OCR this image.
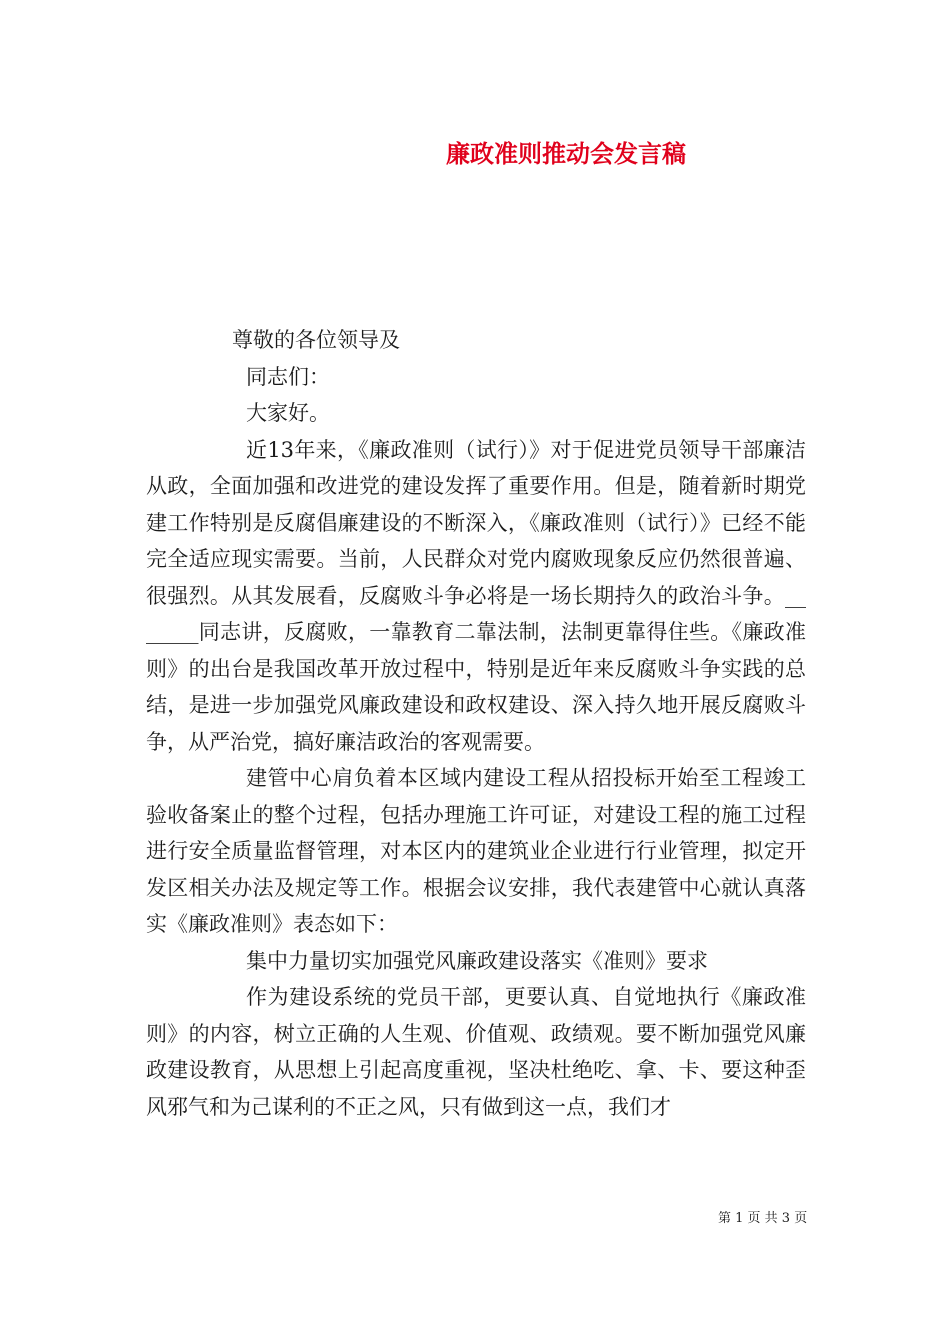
廉政准则推动会发言稿

尊敬的各位领导及

同志们：

大家好。

近13年来，《廉政准则（试行）》对于促进党员领导干部廉洁从政，全面加强和改进党的建设发挥了重要作用。但是，随着新时期党建工作特别是反腐倡廉建设的不断深入，《廉政准则（试行）》已经不能完全适应现实需要。当前，人民群众对党内腐败现象反应仍然很普遍、很强烈。从其发展看，反腐败斗争必将是一场长期持久的政治斗争。_______同志讲，反腐败，一靠教育二靠法制，法制更靠得住些。《廉政准则》的出台是我国改革开放过程中，特别是近年来反腐败斗争实践的总结，是进一步加强党风廉政建设和政权建设、深入持久地开展反腐败斗争，从严治党，搞好廉洁政治的客观需要。

建管中心肩负着本区域内建设工程从招投标开始至工程竣工验收备案止的整个过程，包括办理施工许可证，对建设工程的施工过程进行安全质量监督管理，对本区内的建筑业企业进行行业管理，拟定开发区相关办法及规定等工作。根据会议安排，我代表建管中心就认真落实《廉政准则》表态如下：

集中力量切实加强党风廉政建设落实《准则》要求

作为建设系统的党员干部，更要认真、自觉地执行《廉政准则》的内容，树立正确的人生观、价值观、政绩观。要不断加强党风廉政建设教育，从思想上引起高度重视，坚决杜绝吃、拿、卡、要这种歪风邪气和为己谋利的不正之风，只有做到这一点，我们才

第 1 页 共 3 页
